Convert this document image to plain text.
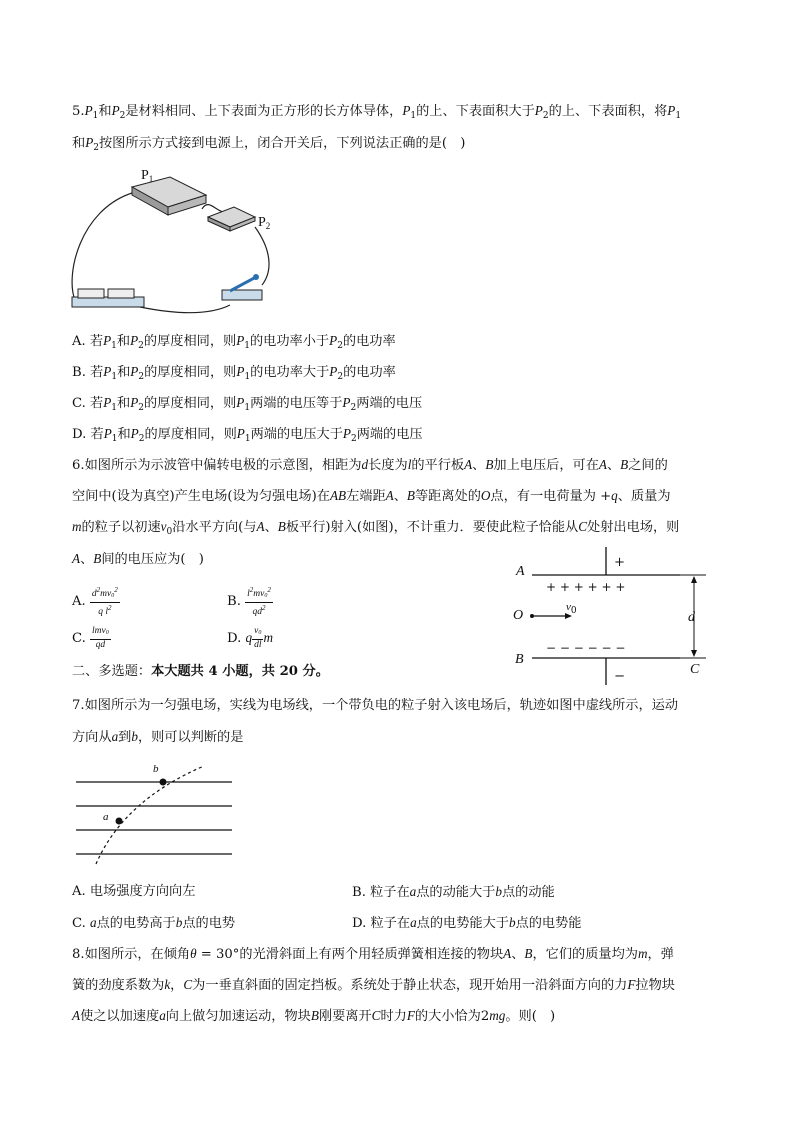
$5.P_1$和$P_2$是材料相同、上下表面为正方形的长方体导体，$P_1$的上、下表面积大于$P_2$的上、下表面积，将$P_1$
和$P_2$按图所示方式接到电源上，闭合开关后，下列说法正确的是(　)
$P_1$
$P_2$
A. 若$P_1$和$P_2$的厚度相同，则$P_1$的电功率小于$P_2$的电功率
B. 若$P_1$和$P_2$的厚度相同，则$P_1$的电功率大于$P_2$的电功率
C. 若$P_1$和$P_2$的厚度相同，则$P_1$两端的电压等于$P_2$两端的电压
D. 若$P_1$和$P_2$的厚度相同，则$P_1$两端的电压大于$P_2$两端的电压
6.如图所示为示波管中偏转电极的示意图，相距为d长度为l的平行板A、B加上电压后，可在A、B之间的
空间中(设为真空)产生电场(设为匀强电场)在AB左端距A、B等距离处的O点，有一电荷量为 +q、质量为
m的粒子以初速$v_0$沿水平方向(与A、B板平行)射入(如图)，不计重力．要使此粒子恰能从C处射出电场，则
A、B间的电压应为(　)
A. $\frac{d^2mv_0^2}{q l^2}$	B. $\frac{l^2mv_0^2}{qd^2}$
C. $\frac{lmv_0}{qd}$	D. q $\frac{v_0}{dl}$ m
A
B
O
C
d
$v_0$
+
−
+ + + + + +
− − − − − −
二、多选题：本大题共 4 小题，共 20 分。
7.如图所示为一匀强电场，实线为电场线，一个带负电的粒子射入该电场后，轨迹如图中虚线所示，运动
方向从a到b，则可以判断的是
a
b
A. 电场强度方向向左	B. 粒子在a点的动能大于b点的动能
C. a点的电势高于b点的电势	D. 粒子在a点的电势能大于b点的电势能
8.如图所示，在倾角θ = 30°的光滑斜面上有两个用轻质弹簧相连接的物块A、B，它们的质量均为m，弹
簧的劲度系数为k，C为一垂直斜面的固定挡板。系统处于静止状态，现开始用一沿斜面方向的力F拉物块
A使之以加速度a向上做匀加速运动，物块B刚要离开C时力F的大小恰为2mg。则(　)
